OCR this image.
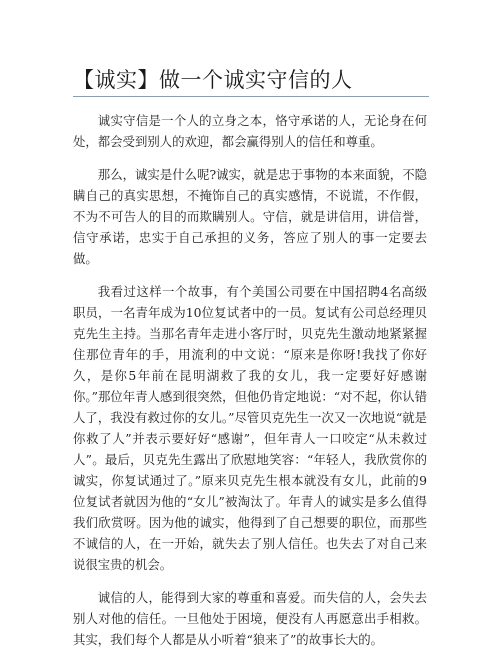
【诚实】做一个诚实守信的人

诚实守信是一个人的立身之本，恪守承诺的人，无论身在何处，都会受到别人的欢迎，都会赢得别人的信任和尊重。

那么，诚实是什么呢?诚实，就是忠于事物的本来面貌，不隐瞒自己的真实思想，不掩饰自己的真实感情，不说谎，不作假，不为不可告人的目的而欺瞒别人。守信，就是讲信用，讲信誉，信守承诺，忠实于自己承担的义务，答应了别人的事一定要去做。

我看过这样一个故事，有个美国公司要在中国招聘4名高级职员，一名青年成为10位复试者中的一员。复试有公司总经理贝克先生主持。当那名青年走进小客厅时，贝克先生激动地紧紧握住那位青年的手，用流利的中文说：“原来是你呀!我找了你好久，是你5年前在昆明湖救了我的女儿，我一定要好好感谢你。”那位年青人感到很突然，但他仍肯定地说：“对不起，你认错人了，我没有救过你的女儿。”尽管贝克先生一次又一次地说“就是你救了人”并表示要好好“感谢”，但年青人一口咬定“从未救过人”。最后，贝克先生露出了欣慰地笑容：“年轻人，我欣赏你的诚实，你复试通过了。”原来贝克先生根本就没有女儿，此前的9位复试者就因为他的“女儿”被淘汰了。年青人的诚实是多么值得我们欣赏呀。因为他的诚实，他得到了自己想要的职位，而那些不诚信的人，在一开始，就失去了别人信任。也失去了对自己来说很宝贵的机会。

诚信的人，能得到大家的尊重和喜爱。而失信的人，会失去别人对他的信任。一旦他处于困境，便没有人再愿意出手相救。其实，我们每个人都是从小听着“狼来了”的故事长大的。
